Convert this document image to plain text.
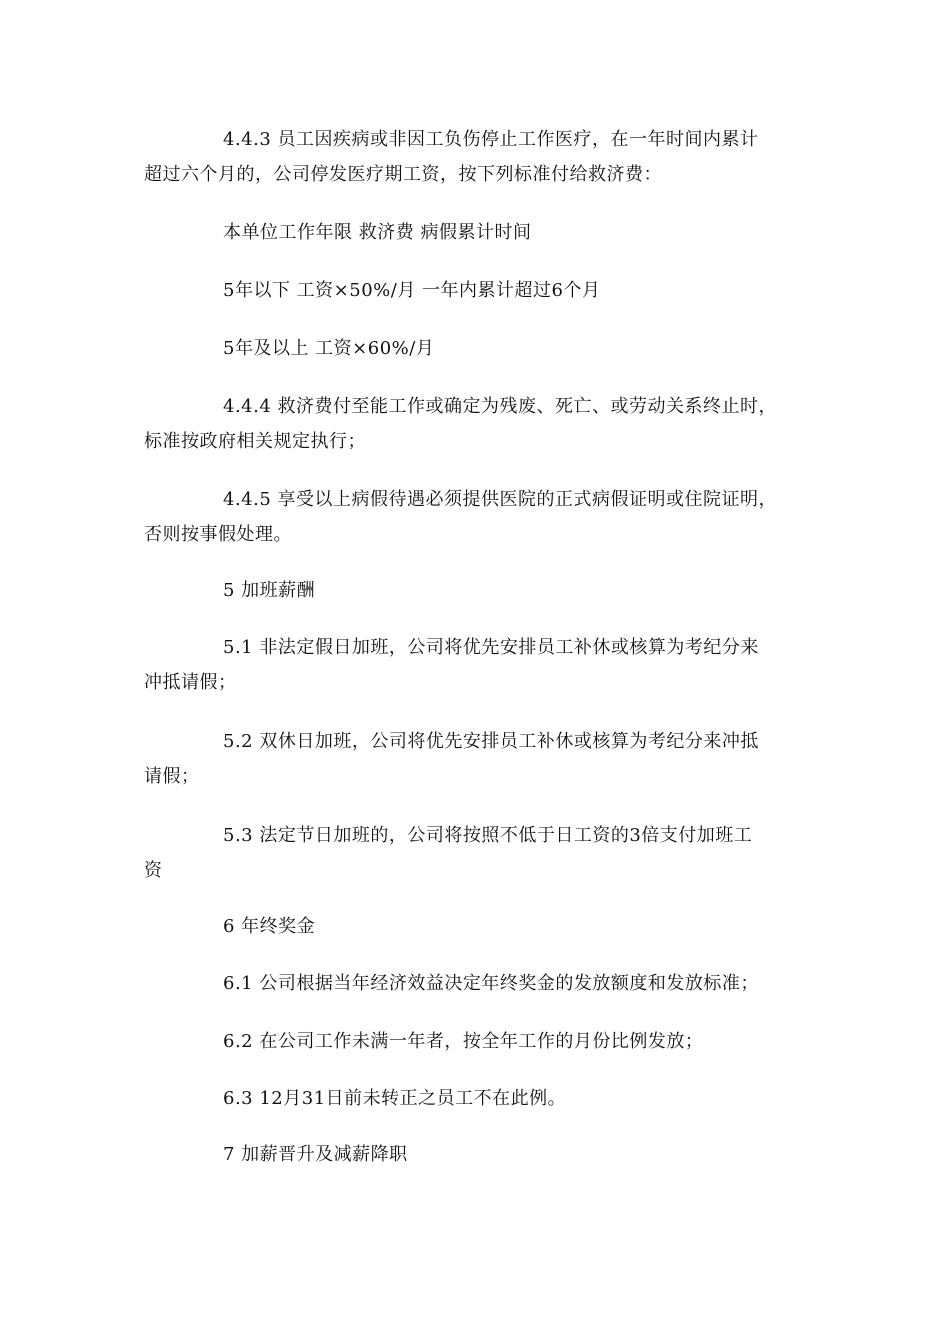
4.4.3 员工因疾病或非因工负伤停止工作医疗，在一年时间内累计
超过六个月的，公司停发医疗期工资，按下列标准付给救济费：
本单位工作年限 救济费 病假累计时间
5年以下 工资×50%/月 一年内累计超过6个月
5年及以上 工资×60%/月
4.4.4 救济费付至能工作或确定为残废、死亡、或劳动关系终止时，
标准按政府相关规定执行；
4.4.5 享受以上病假待遇必须提供医院的正式病假证明或住院证明，
否则按事假处理。
5 加班薪酬
5.1 非法定假日加班，公司将优先安排员工补休或核算为考纪分来
冲抵请假；
5.2 双休日加班，公司将优先安排员工补休或核算为考纪分来冲抵
请假；
5.3 法定节日加班的，公司将按照不低于日工资的3倍支付加班工
资
6 年终奖金
6.1 公司根据当年经济效益决定年终奖金的发放额度和发放标准；
6.2 在公司工作未满一年者，按全年工作的月份比例发放；
6.3 12月31日前未转正之员工不在此例。
7 加薪晋升及减薪降职
